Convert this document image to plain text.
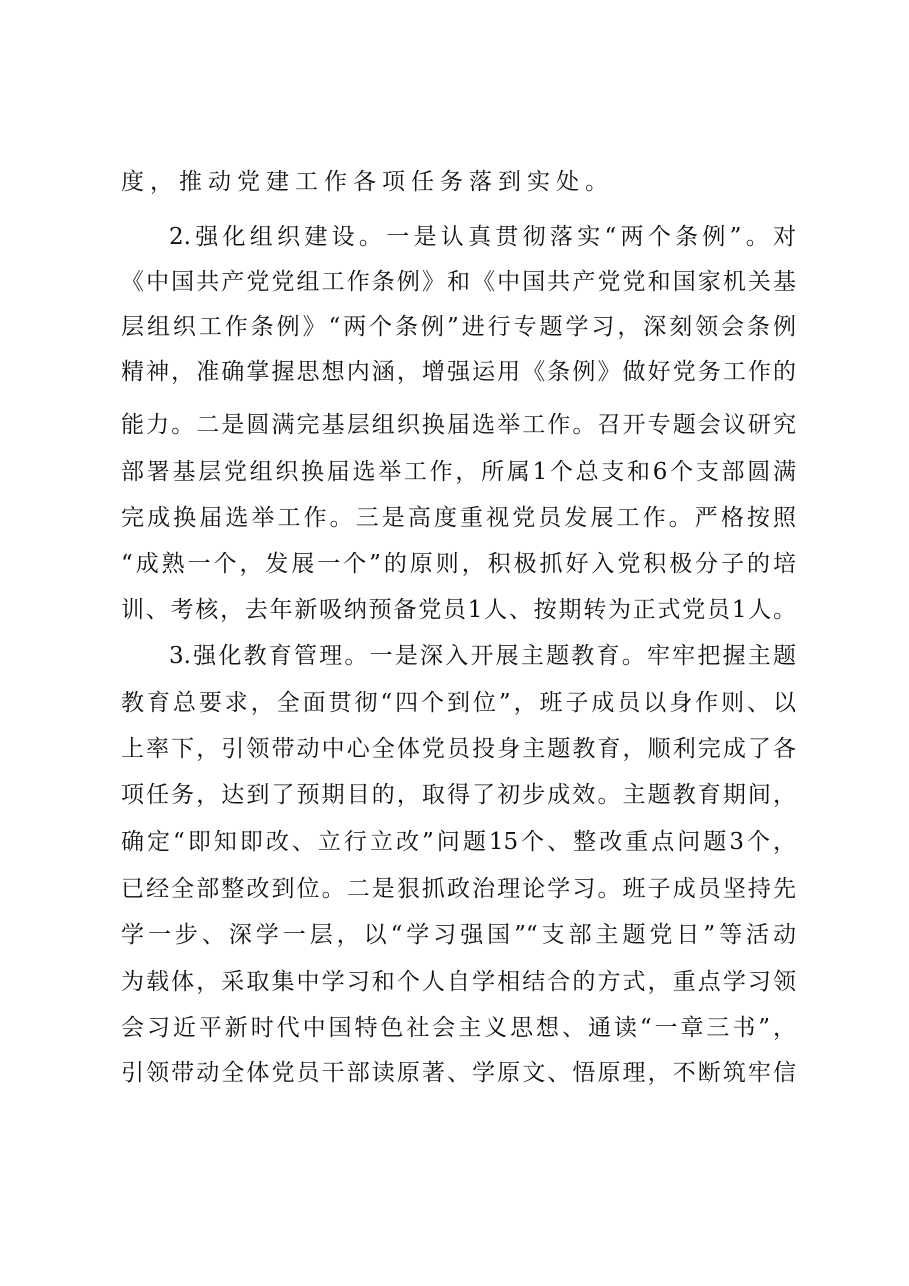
度，推动党建工作各项任务落到实处。
2.强化组织建设。一是认真贯彻落实“两个条例”。对
《中国共产党党组工作条例》和《中国共产党党和国家机关基
层组织工作条例》“两个条例”进行专题学习，深刻领会条例
精神，准确掌握思想内涵，增强运用《条例》做好党务工作的
能力。二是圆满完基层组织换届选举工作。召开专题会议研究
部署基层党组织换届选举工作，所属1个总支和6个支部圆满
完成换届选举工作。三是高度重视党员发展工作。严格按照
“成熟一个，发展一个”的原则，积极抓好入党积极分子的培
训、考核，去年新吸纳预备党员1人、按期转为正式党员1人。
3.强化教育管理。一是深入开展主题教育。牢牢把握主题
教育总要求，全面贯彻“四个到位”，班子成员以身作则、以
上率下，引领带动中心全体党员投身主题教育，顺利完成了各
项任务，达到了预期目的，取得了初步成效。主题教育期间，
确定“即知即改、立行立改”问题15个、整改重点问题3个，
已经全部整改到位。二是狠抓政治理论学习。班子成员坚持先
学一步、深学一层，以“学习强国”“支部主题党日”等活动
为载体，采取集中学习和个人自学相结合的方式，重点学习领
会习近平新时代中国特色社会主义思想、通读“一章三书”，
引领带动全体党员干部读原著、学原文、悟原理，不断筑牢信
